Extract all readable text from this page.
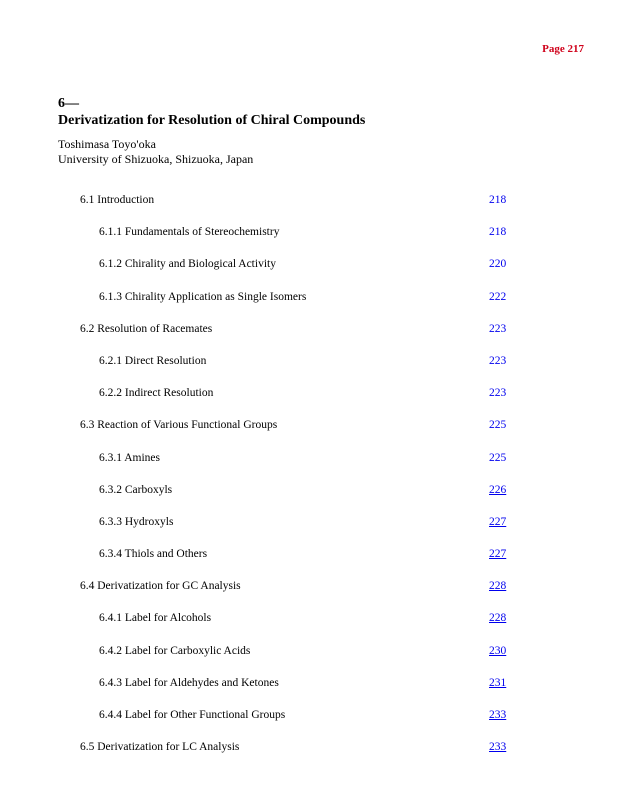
Page 217
6—
Derivatization for Resolution of Chiral Compounds
Toshimasa Toyo'oka
University of Shizuoka, Shizuoka, Japan
6.1 Introduction	218
6.1.1 Fundamentals of Stereochemistry	218
6.1.2 Chirality and Biological Activity	220
6.1.3 Chirality Application as Single Isomers	222
6.2 Resolution of Racemates	223
6.2.1 Direct Resolution	223
6.2.2 Indirect Resolution	223
6.3 Reaction of Various Functional Groups	225
6.3.1 Amines	225
6.3.2 Carboxyls	226
6.3.3 Hydroxyls	227
6.3.4 Thiols and Others	227
6.4 Derivatization for GC Analysis	228
6.4.1 Label for Alcohols	228
6.4.2 Label for Carboxylic Acids	230
6.4.3 Label for Aldehydes and Ketones	231
6.4.4 Label for Other Functional Groups	233
6.5 Derivatization for LC Analysis	233
